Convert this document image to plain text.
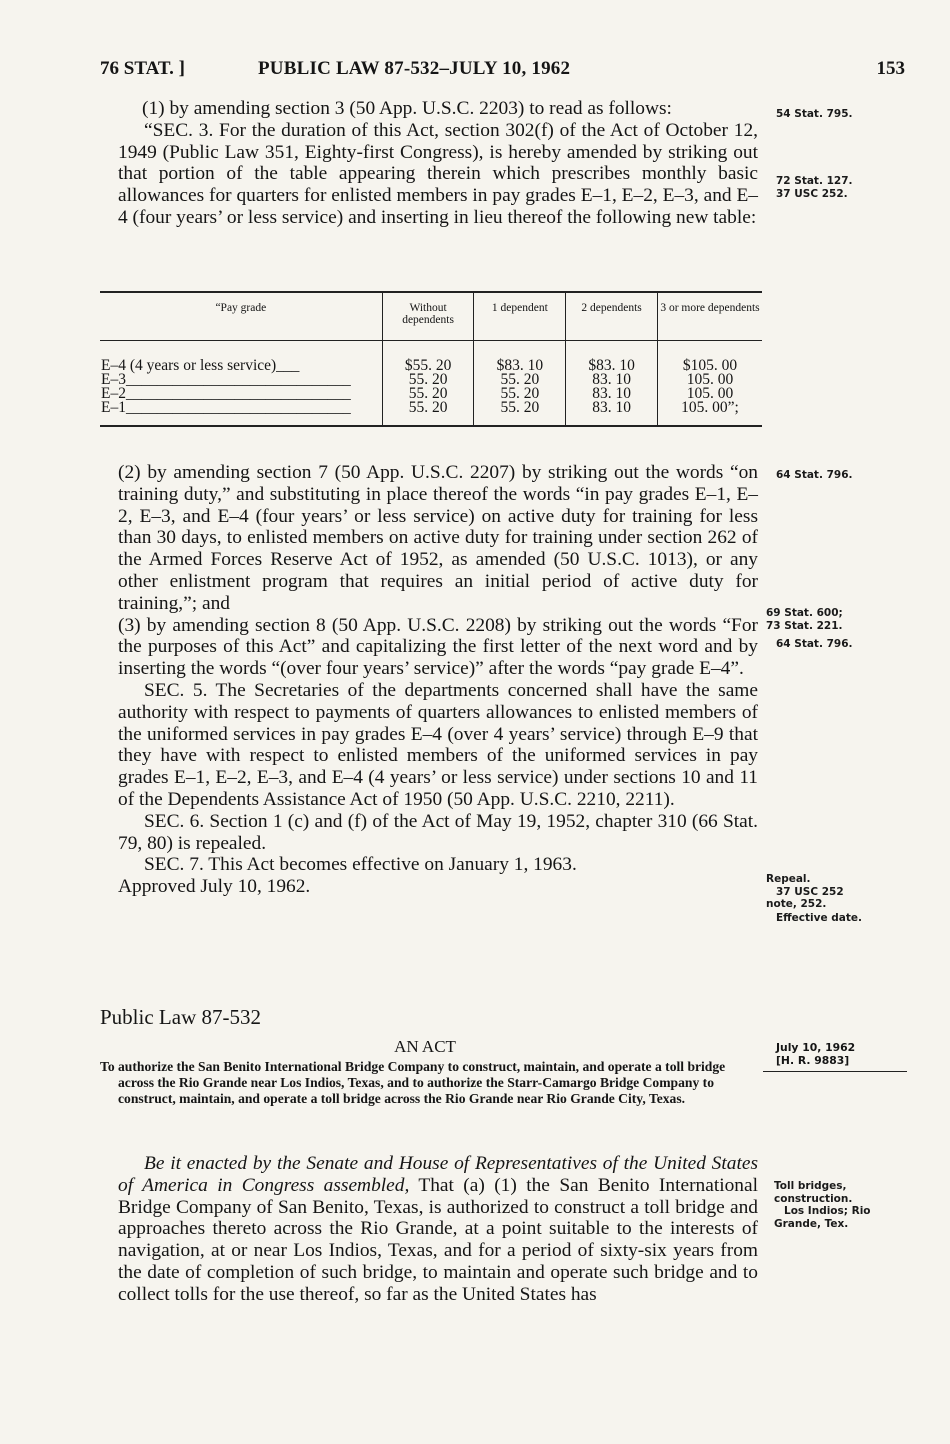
76 STAT. ]	PUBLIC LAW 87-532–JULY 10, 1962	153

(1) by amending section 3 (50 App. U.S.C. 2203) to read as follows:

“SEC. 3. For the duration of this Act, section 302(f) of the Act of October 12, 1949 (Public Law 351, Eighty-first Congress), is hereby amended by striking out that portion of the table appearing therein which prescribes monthly basic allowances for quarters for enlisted members in pay grades E–1, E–2, E–3, and E–4 (four years’ or less service) and inserting in lieu thereof the following new table:

“Pay grade	Without dependents	1 dependent	2 dependents	3 or more dependents
E–4 (4 years or less service)___	$55. 20	$83. 10	$83. 10	$105. 00
E–3_____________________________	55. 20	55. 20	83. 10	105. 00
E–2_____________________________	55. 20	55. 20	83. 10	105. 00
E–1_____________________________	55. 20	55. 20	83. 10	105. 00”;

(2) by amending section 7 (50 App. U.S.C. 2207) by striking out the words “on training duty,” and substituting in place thereof the words “in pay grades E–1, E–2, E–3, and E–4 (four years’ or less service) on active duty for training for less than 30 days, to enlisted members on active duty for training under section 262 of the Armed Forces Reserve Act of 1952, as amended (50 U.S.C. 1013), or any other enlistment program that requires an initial period of active duty for training,”; and

(3) by amending section 8 (50 App. U.S.C. 2208) by striking out the words “For the purposes of this Act” and capitalizing the first letter of the next word and by inserting the words “(over four years’ service)” after the words “pay grade E–4”.

SEC. 5. The Secretaries of the departments concerned shall have the same authority with respect to payments of quarters allowances to enlisted members of the uniformed services in pay grades E–4 (over 4 years’ service) through E–9 that they have with respect to enlisted members of the uniformed services in pay grades E–1, E–2, E–3, and E–4 (4 years’ or less service) under sections 10 and 11 of the Dependents Assistance Act of 1950 (50 App. U.S.C. 2210, 2211).

SEC. 6. Section 1 (c) and (f) of the Act of May 19, 1952, chapter 310 (66 Stat. 79, 80) is repealed.

SEC. 7. This Act becomes effective on January 1, 1963.

Approved July 10, 1962.

54 Stat. 795.
72 Stat. 127.
37 USC 252.
64 Stat. 796.
69 Stat. 600;
73 Stat. 221.
64 Stat. 796.
Repeal.
37 USC 252
note, 252.
Effective date.
Public Law 87-532
AN ACT

To authorize the San Benito International Bridge Company to construct, maintain, and operate a toll bridge across the Rio Grande near Los Indios, Texas, and to authorize the Starr-Camargo Bridge Company to construct, maintain, and operate a toll bridge across the Rio Grande near Rio Grande City, Texas.

July 10, 1962
[H. R. 9883]

Be it enacted by the Senate and House of Representatives of the United States of America in Congress assembled, That (a) (1) the San Benito International Bridge Company of San Benito, Texas, is authorized to construct a toll bridge and approaches thereto across the Rio Grande, at a point suitable to the interests of navigation, at or near Los Indios, Texas, and for a period of sixty-six years from the date of completion of such bridge, to maintain and operate such bridge and to collect tolls for the use thereof, so far as the United States has

Toll bridges,
construction.
Los Indios; Rio
Grande, Tex.
